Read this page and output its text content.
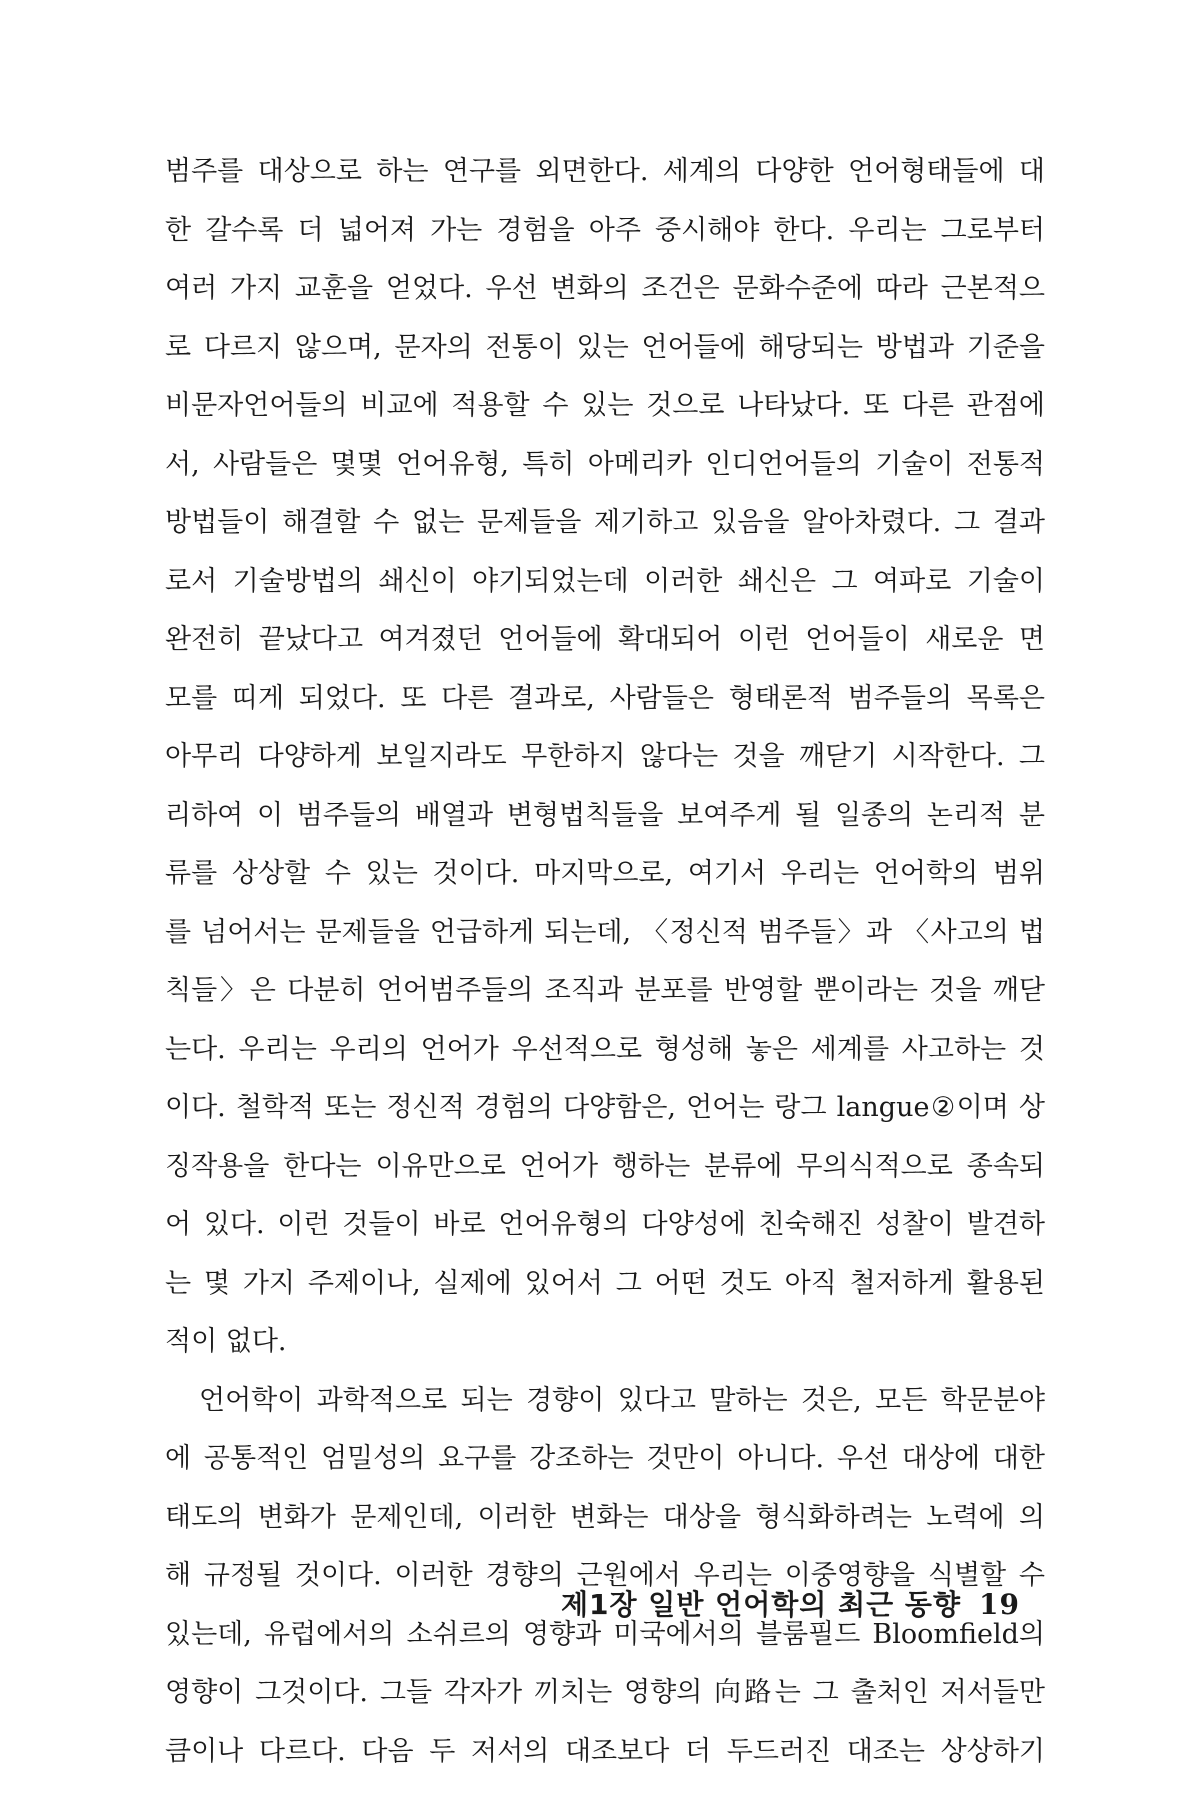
범주를 대상으로 하는 연구를 외면한다. 세계의 다양한 언어형태들에 대
한 갈수록 더 넓어져 가는 경험을 아주 중시해야 한다. 우리는 그로부터
여러 가지 교훈을 얻었다. 우선 변화의 조건은 문화수준에 따라 근본적으
로 다르지 않으며, 문자의 전통이 있는 언어들에 해당되는 방법과 기준을
비문자언어들의 비교에 적용할 수 있는 것으로 나타났다. 또 다른 관점에
서, 사람들은 몇몇 언어유형, 특히 아메리카 인디언어들의 기술이 전통적
방법들이 해결할 수 없는 문제들을 제기하고 있음을 알아차렸다. 그 결과
로서 기술방법의 쇄신이 야기되었는데 이러한 쇄신은 그 여파로 기술이
완전히 끝났다고 여겨졌던 언어들에 확대되어 이런 언어들이 새로운 면
모를 띠게 되었다. 또 다른 결과로, 사람들은 형태론적 범주들의 목록은
아무리 다양하게 보일지라도 무한하지 않다는 것을 깨닫기 시작한다. 그
리하여 이 범주들의 배열과 변형법칙들을 보여주게 될 일종의 논리적 분
류를 상상할 수 있는 것이다. 마지막으로, 여기서 우리는 언어학의 범위
를 넘어서는 문제들을 언급하게 되는데, 〈정신적 범주들〉과 〈사고의 법
칙들〉은 다분히 언어범주들의 조직과 분포를 반영할 뿐이라는 것을 깨닫
는다. 우리는 우리의 언어가 우선적으로 형성해 놓은 세계를 사고하는 것
이다. 철학적 또는 정신적 경험의 다양함은, 언어는 랑그 langue②이며 상
징작용을 한다는 이유만으로 언어가 행하는 분류에 무의식적으로 종속되
어 있다. 이런 것들이 바로 언어유형의 다양성에 친숙해진 성찰이 발견하
는 몇 가지 주제이나, 실제에 있어서 그 어떤 것도 아직 철저하게 활용된
적이 없다.
언어학이 과학적으로 되는 경향이 있다고 말하는 것은, 모든 학문분야
에 공통적인 엄밀성의 요구를 강조하는 것만이 아니다. 우선 대상에 대한
태도의 변화가 문제인데, 이러한 변화는 대상을 형식화하려는 노력에 의
해 규정될 것이다. 이러한 경향의 근원에서 우리는 이중영향을 식별할 수
있는데, 유럽에서의 소쉬르의 영향과 미국에서의 블룸필드 Bloomfield의
영향이 그것이다. 그들 각자가 끼치는 영향의 向路는 그 출처인 저서들만
큼이나 다르다. 다음 두 저서의 대조보다 더 두드러진 대조는 상상하기
제1장 일반 언어학의 최근 동향 19
